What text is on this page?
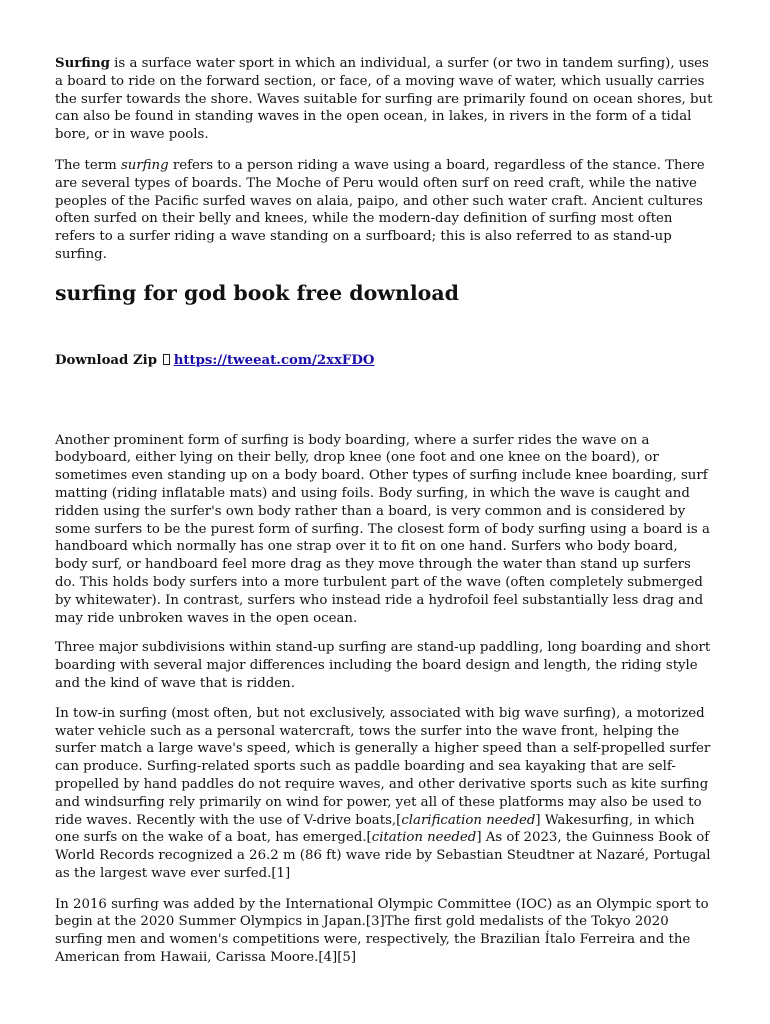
Surfing is a surface water sport in which an individual, a surfer (or two in tandem surfing), uses a board to ride on the forward section, or face, of a moving wave of water, which usually carries the surfer towards the shore. Waves suitable for surfing are primarily found on ocean shores, but can also be found in standing waves in the open ocean, in lakes, in rivers in the form of a tidal bore, or in wave pools.

The term surfing refers to a person riding a wave using a board, regardless of the stance. There are several types of boards. The Moche of Peru would often surf on reed craft, while the native peoples of the Pacific surfed waves on alaia, paipo, and other such water craft. Ancient cultures often surfed on their belly and knees, while the modern-day definition of surfing most often refers to a surfer riding a wave standing on a surfboard; this is also referred to as stand-up surfing.

surfing for god book free download
Download Zip https://tweeat.com/2xxFDO

Another prominent form of surfing is body boarding, where a surfer rides the wave on a bodyboard, either lying on their belly, drop knee (one foot and one knee on the board), or sometimes even standing up on a body board. Other types of surfing include knee boarding, surf matting (riding inflatable mats) and using foils. Body surfing, in which the wave is caught and ridden using the surfer's own body rather than a board, is very common and is considered by some surfers to be the purest form of surfing. The closest form of body surfing using a board is a handboard which normally has one strap over it to fit on one hand. Surfers who body board, body surf, or handboard feel more drag as they move through the water than stand up surfers do. This holds body surfers into a more turbulent part of the wave (often completely submerged by whitewater). In contrast, surfers who instead ride a hydrofoil feel substantially less drag and may ride unbroken waves in the open ocean.

Three major subdivisions within stand-up surfing are stand-up paddling, long boarding and short boarding with several major differences including the board design and length, the riding style and the kind of wave that is ridden.

In tow-in surfing (most often, but not exclusively, associated with big wave surfing), a motorized water vehicle such as a personal watercraft, tows the surfer into the wave front, helping the surfer match a large wave's speed, which is generally a higher speed than a self-propelled surfer can produce. Surfing-related sports such as paddle boarding and sea kayaking that are self-propelled by hand paddles do not require waves, and other derivative sports such as kite surfing and windsurfing rely primarily on wind for power, yet all of these platforms may also be used to ride waves. Recently with the use of V-drive boats,[clarification needed] Wakesurfing, in which one surfs on the wake of a boat, has emerged.[citation needed] As of 2023, the Guinness Book of World Records recognized a 26.2 m (86 ft) wave ride by Sebastian Steudtner at Nazaré, Portugal as the largest wave ever surfed.[1]

In 2016 surfing was added by the International Olympic Committee (IOC) as an Olympic sport to begin at the 2020 Summer Olympics in Japan.[3]The first gold medalists of the Tokyo 2020 surfing men and women's competitions were, respectively, the Brazilian Ítalo Ferreira and the American from Hawaii, Carissa Moore.[4][5]
